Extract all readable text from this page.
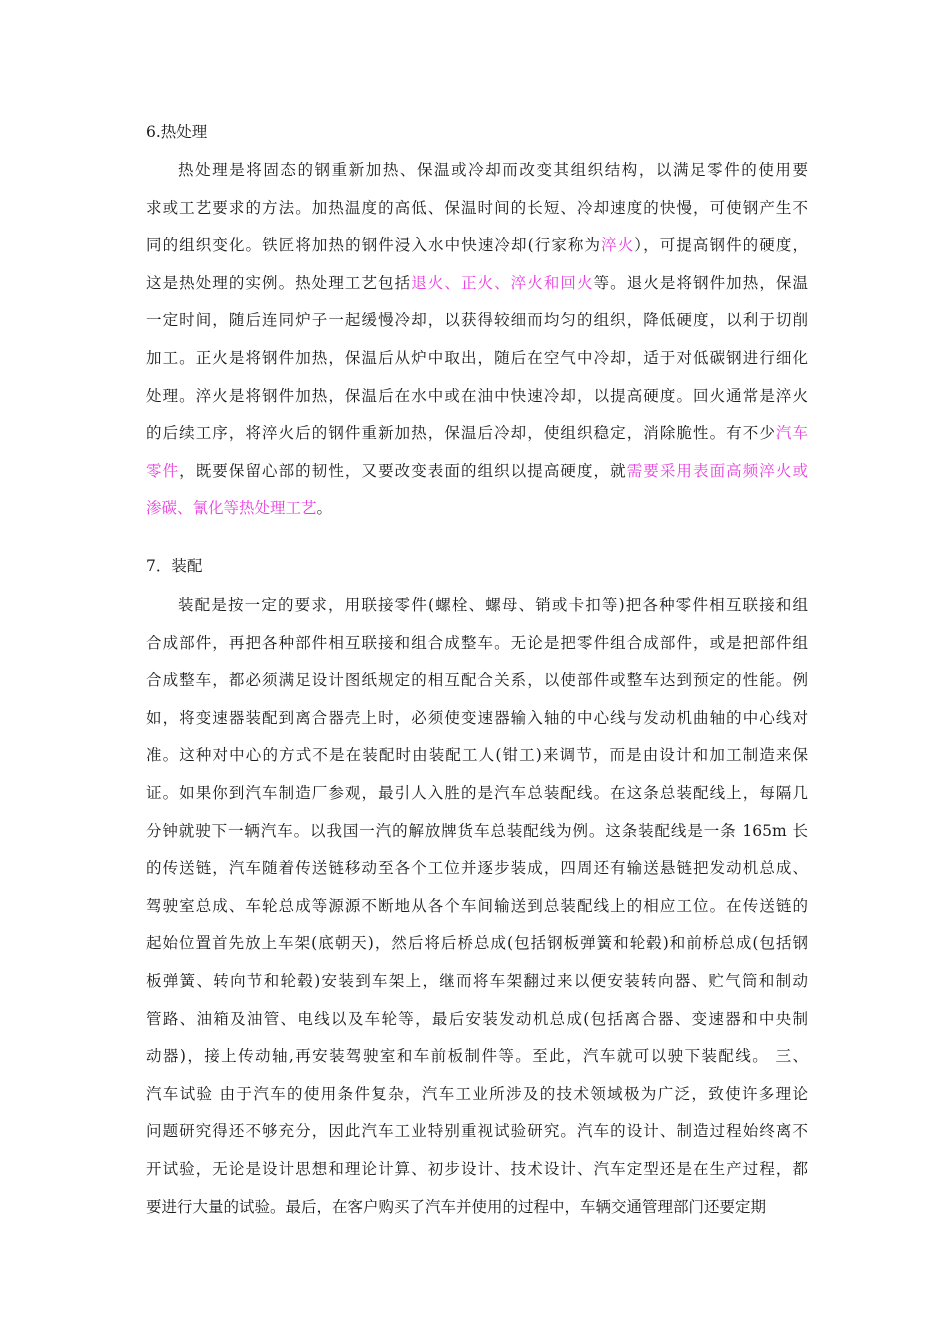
6.热处理
热处理是将固态的钢重新加热、保温或冷却而改变其组织结构，以满足零件的使用要
求或工艺要求的方法。加热温度的高低、保温时间的长短、冷却速度的快慢，可使钢产生不
同的组织变化。铁匠将加热的钢件浸入水中快速冷却(行家称为淬火），可提高钢件的硬度，
这是热处理的实例。热处理工艺包括退火、正火、淬火和回火等。退火是将钢件加热，保温
一定时间，随后连同炉子一起缓慢冷却，以获得较细而均匀的组织，降低硬度，以利于切削
加工。正火是将钢件加热，保温后从炉中取出，随后在空气中冷却，适于对低碳钢进行细化
处理。淬火是将钢件加热，保温后在水中或在油中快速冷却，以提高硬度。回火通常是淬火
的后续工序，将淬火后的钢件重新加热，保温后冷却，使组织稳定，消除脆性。有不少汽车
零件，既要保留心部的韧性，又要改变表面的组织以提高硬度，就需要采用表面高频淬火或
渗碳、氰化等热处理工艺。
7．装配
装配是按一定的要求，用联接零件(螺栓、螺母、销或卡扣等)把各种零件相互联接和组
合成部件，再把各种部件相互联接和组合成整车。无论是把零件组合成部件，或是把部件组
合成整车，都必须满足设计图纸规定的相互配合关系，以使部件或整车达到预定的性能。例
如，将变速器装配到离合器壳上时，必须使变速器输入轴的中心线与发动机曲轴的中心线对
准。这种对中心的方式不是在装配时由装配工人(钳工)来调节，而是由设计和加工制造来保
证。如果你到汽车制造厂参观，最引人入胜的是汽车总装配线。在这条总装配线上，每隔几
分钟就驶下一辆汽车。以我国一汽的解放牌货车总装配线为例。这条装配线是一条 165m 长
的传送链，汽车随着传送链移动至各个工位并逐步装成，四周还有输送悬链把发动机总成、
驾驶室总成、车轮总成等源源不断地从各个车间输送到总装配线上的相应工位。在传送链的
起始位置首先放上车架(底朝天)，然后将后桥总成(包括钢板弹簧和轮毂)和前桥总成(包括钢
板弹簧、转向节和轮毂)安装到车架上，继而将车架翻过来以便安装转向器、贮气筒和制动
管路、油箱及油管、电线以及车轮等，最后安装发动机总成(包括离合器、变速器和中央制
动器)，接上传动轴,再安装驾驶室和车前板制件等。至此，汽车就可以驶下装配线。 三、
汽车试验 由于汽车的使用条件复杂，汽车工业所涉及的技术领域极为广泛，致使许多理论
问题研究得还不够充分，因此汽车工业特别重视试验研究。汽车的设计、制造过程始终离不
开试验，无论是设计思想和理论计算、初步设计、技术设计、汽车定型还是在生产过程，都
要进行大量的试验。最后，在客户购买了汽车并使用的过程中，车辆交通管理部门还要定期
